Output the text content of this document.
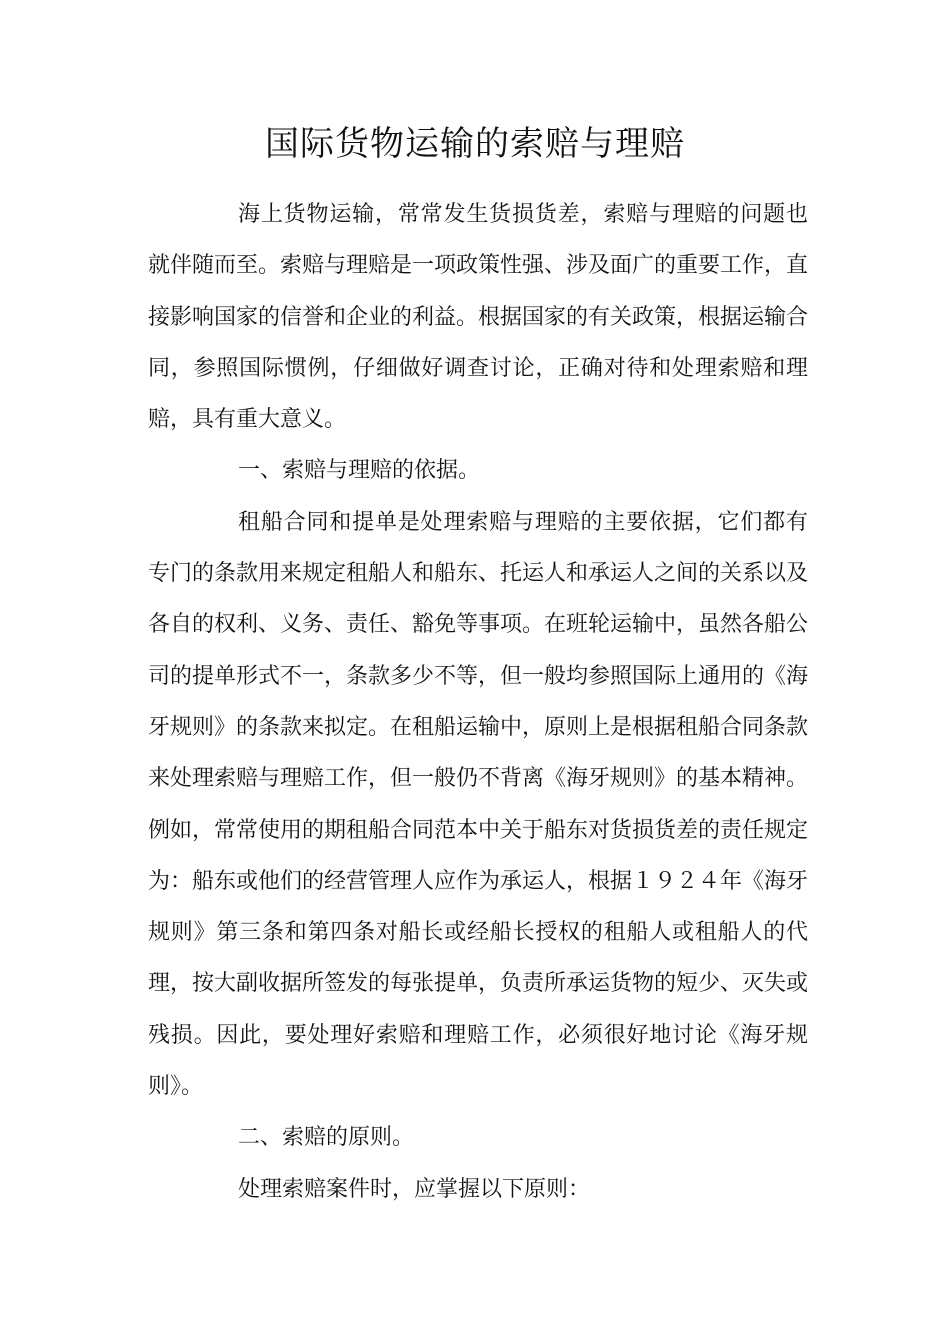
国际货物运输的索赔与理赔

海上货物运输，常常发生货损货差，索赔与理赔的问题也就伴随而至。索赔与理赔是一项政策性强、涉及面广的重要工作，直接影响国家的信誉和企业的利益。根据国家的有关政策，根据运输合同，参照国际惯例，仔细做好调查讨论，正确对待和处理索赔和理赔，具有重大意义。

一、索赔与理赔的依据。

租船合同和提单是处理索赔与理赔的主要依据，它们都有专门的条款用来规定租船人和船东、托运人和承运人之间的关系以及各自的权利、义务、责任、豁免等事项。在班轮运输中，虽然各船公司的提单形式不一，条款多少不等，但一般均参照国际上通用的《海牙规则》的条款来拟定。在租船运输中，原则上是根据租船合同条款来处理索赔与理赔工作，但一般仍不背离《海牙规则》的基本精神。例如，常常使用的期租船合同范本中关于船东对货损货差的责任规定为：船东或他们的经营管理人应作为承运人，根据１９２４年《海牙规则》第三条和第四条对船长或经船长授权的租船人或租船人的代理，按大副收据所签发的每张提单，负责所承运货物的短少、灭失或残损。因此，要处理好索赔和理赔工作，必须很好地讨论《海牙规则》。

二、索赔的原则。

处理索赔案件时，应掌握以下原则：
